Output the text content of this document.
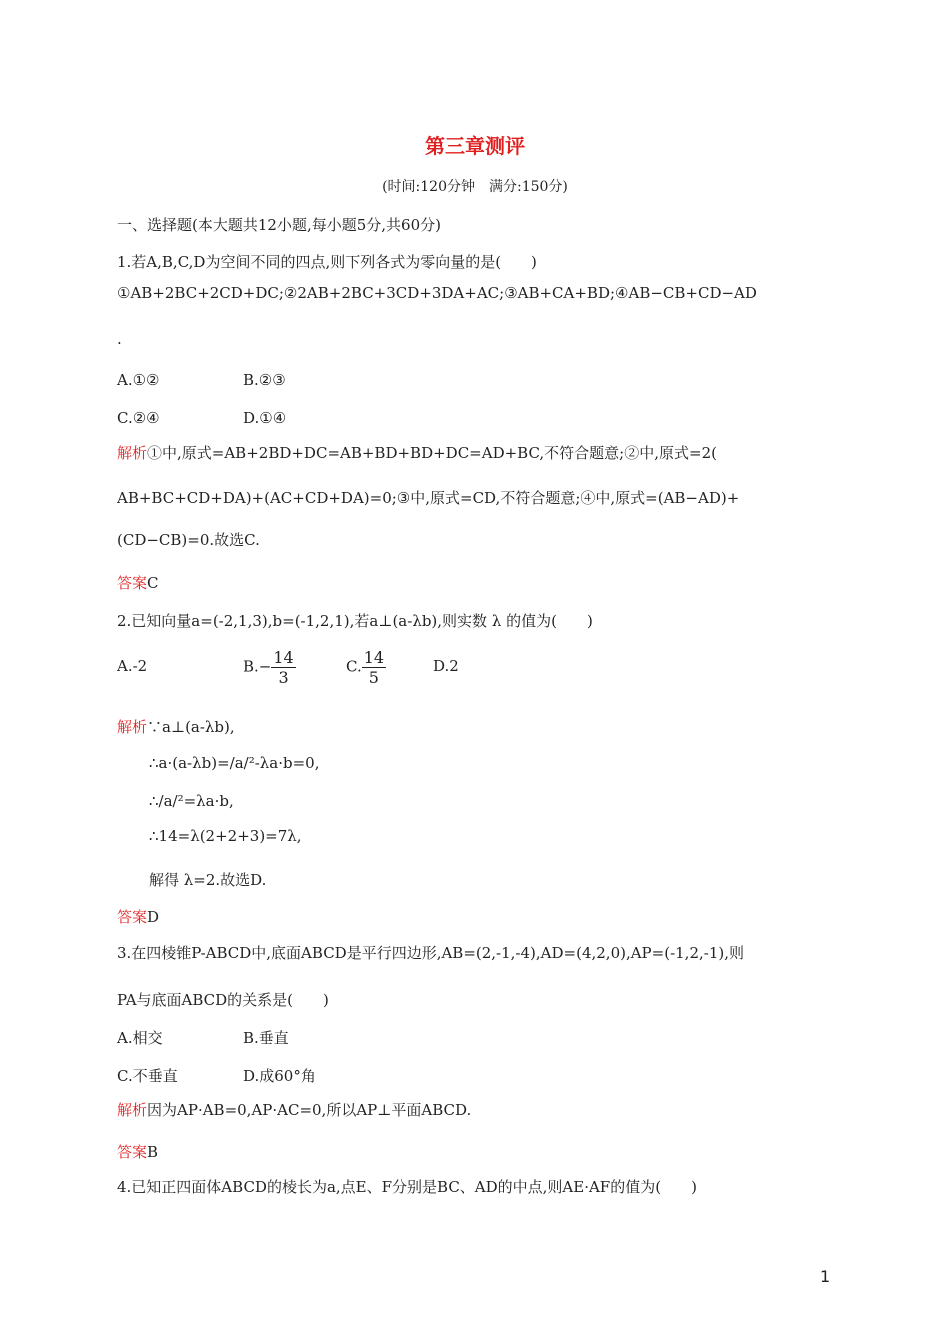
第三章测评
(时间:120分钟　满分:150分)
一、选择题(本大题共12小题,每小题5分,共60分)
1.若A,B,C,D为空间不同的四点,则下列各式为零向量的是(　　)
①AB+2BC+2CD+DC;②2AB+2BC+3CD+3DA+AC;③AB+CA+BD;④AB−CB+CD−AD
.
A.①②	B.②③
C.②④	D.①④
解析①中,原式=AB+2BD+DC=AB+BD+BD+DC=AD+BC,不符合题意;②中,原式=2(
AB+BC+CD+DA)+(AC+CD+DA)=0;③中,原式=CD,不符合题意;④中,原式=(AB−AD)+
(CD−CB)=0.故选C.
答案C
2.已知向量a=(-2,1,3),b=(-1,2,1),若a⊥(a-λb),则实数 λ 的值为(　　)
A.-2	$B.- \frac{14}{3}$	C. $\frac{14}{5}$	D.2
解析∵a⊥(a-λb),
∴a·(a-λb)=/a/²-λa·b=0,
∴/a/²=λa·b,
∴14=λ(2+2+3)=7λ,
解得 λ=2.故选D.
答案D
3.在四棱锥P-ABCD中,底面ABCD是平行四边形,AB=(2,-1,-4),AD=(4,2,0),AP=(-1,2,-1),则
PA与底面ABCD的关系是(　　)
A.相交	B.垂直
C.不垂直	D.成60°角
解析因为AP·AB=0,AP·AC=0,所以AP⊥平面ABCD.
答案B
4.已知正四面体ABCD的棱长为a,点E、F分别是BC、AD的中点,则AE·AF的值为(　　)
1
